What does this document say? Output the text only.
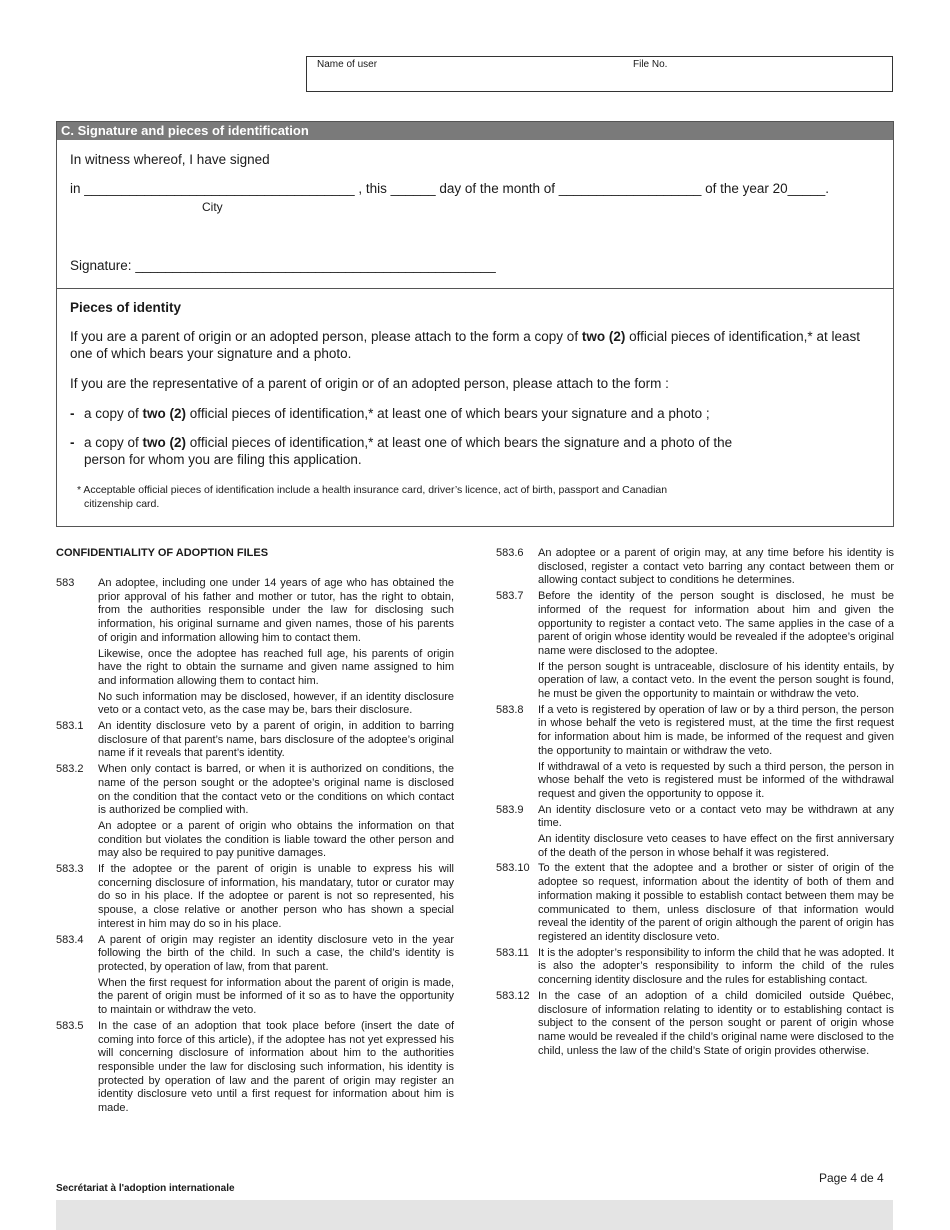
Name of user	File No.
C. Signature and pieces of identification
In witness whereof, I have signed
in ____________________________________ , this ______ day of the month of ___________________ of the year 20_____.
City
Signature: ________________________________________________
Pieces of identity
If you are a parent of origin or an adopted person, please attach to the form a copy of two (2) official pieces of identification,* at least one of which bears your signature and a photo.
If you are the representative of a parent of origin or of an adopted person, please attach to the form :
- a copy of two (2) official pieces of identification,* at least one of which bears your signature and a photo ;
- a copy of two (2) official pieces of identification,* at least one of which bears the signature and a photo of the person for whom you are filing this application.
* Acceptable official pieces of identification include a health insurance card, driver’s licence, act of birth, passport and Canadian citizenship card.
CONFIDENTIALITY OF ADOPTION FILES
583 An adoptee, including one under 14 years of age who has obtained the prior approval of his father and mother or tutor, has the right to obtain, from the authorities responsible under the law for disclosing such information, his original surname and given names, those of his parents of origin and information allowing him to contact them.

Likewise, once the adoptee has reached full age, his parents of origin have the right to obtain the surname and given name assigned to him and information allowing them to contact him.

No such information may be disclosed, however, if an identity disclosure veto or a contact veto, as the case may be, bars their disclosure.

583.1 An identity disclosure veto by a parent of origin, in addition to barring disclosure of that parent’s name, bars disclosure of the adoptee’s original name if it reveals that parent’s identity.

583.2 When only contact is barred, or when it is authorized on conditions, the name of the person sought or the adoptee’s original name is disclosed on the condition that the contact veto or the conditions on which contact is authorized be complied with.

An adoptee or a parent of origin who obtains the information on that condition but violates the condition is liable toward the other person and may also be required to pay punitive damages.

583.3 If the adoptee or the parent of origin is unable to express his will concerning disclosure of information, his mandatary, tutor or curator may do so in his place. If the adoptee or parent is not so represented, his spouse, a close relative or another person who has shown a special interest in him may do so in his place.

583.4 A parent of origin may register an identity disclosure veto in the year following the birth of the child. In such a case, the child’s identity is protected, by operation of law, from that parent.

When the first request for information about the parent of origin is made, the parent of origin must be informed of it so as to have the opportunity to maintain or withdraw the veto.

583.5 In the case of an adoption that took place before (insert the date of coming into force of this article), if the adoptee has not yet expressed his will concerning disclosure of information about him to the authorities responsible under the law for disclosing such information, his identity is protected by operation of law and the parent of origin may register an identity disclosure veto until a first request for information about him is made.

583.6 An adoptee or a parent of origin may, at any time before his identity is disclosed, register a contact veto barring any contact between them or allowing contact subject to conditions he determines.

583.7 Before the identity of the person sought is disclosed, he must be informed of the request for information about him and given the opportunity to register a contact veto. The same applies in the case of a parent of origin whose identity would be revealed if the adoptee’s original name were disclosed to the adoptee.

If the person sought is untraceable, disclosure of his identity entails, by operation of law, a contact veto. In the event the person sought is found, he must be given the opportunity to maintain or withdraw the veto.

583.8 If a veto is registered by operation of law or by a third person, the person in whose behalf the veto is registered must, at the time the first request for information about him is made, be informed of the request and given the opportunity to maintain or withdraw the veto.

If withdrawal of a veto is requested by such a third person, the person in whose behalf the veto is registered must be informed of the withdrawal request and given the opportunity to oppose it.

583.9 An identity disclosure veto or a contact veto may be withdrawn at any time.

An identity disclosure veto ceases to have effect on the first anniversary of the death of the person in whose behalf it was registered.

583.10 To the extent that the adoptee and a brother or sister of origin of the adoptee so request, information about the identity of both of them and information making it possible to establish contact between them may be communicated to them, unless disclosure of that information would reveal the identity of the parent of origin although the parent of origin has registered an identity disclosure veto.

583.11 It is the adopter’s responsibility to inform the child that he was adopted. It is also the adopter’s responsibility to inform the child of the rules concerning identity disclosure and the rules for establishing contact.

583.12 In the case of an adoption of a child domiciled outside Québec, disclosure of information relating to identity or to establishing contact is subject to the consent of the person sought or parent of origin whose name would be revealed if the child’s original name were disclosed to the child, unless the law of the child’s State of origin provides otherwise.

Page 4 de 4
Secrétariat à l'adoption internationale
